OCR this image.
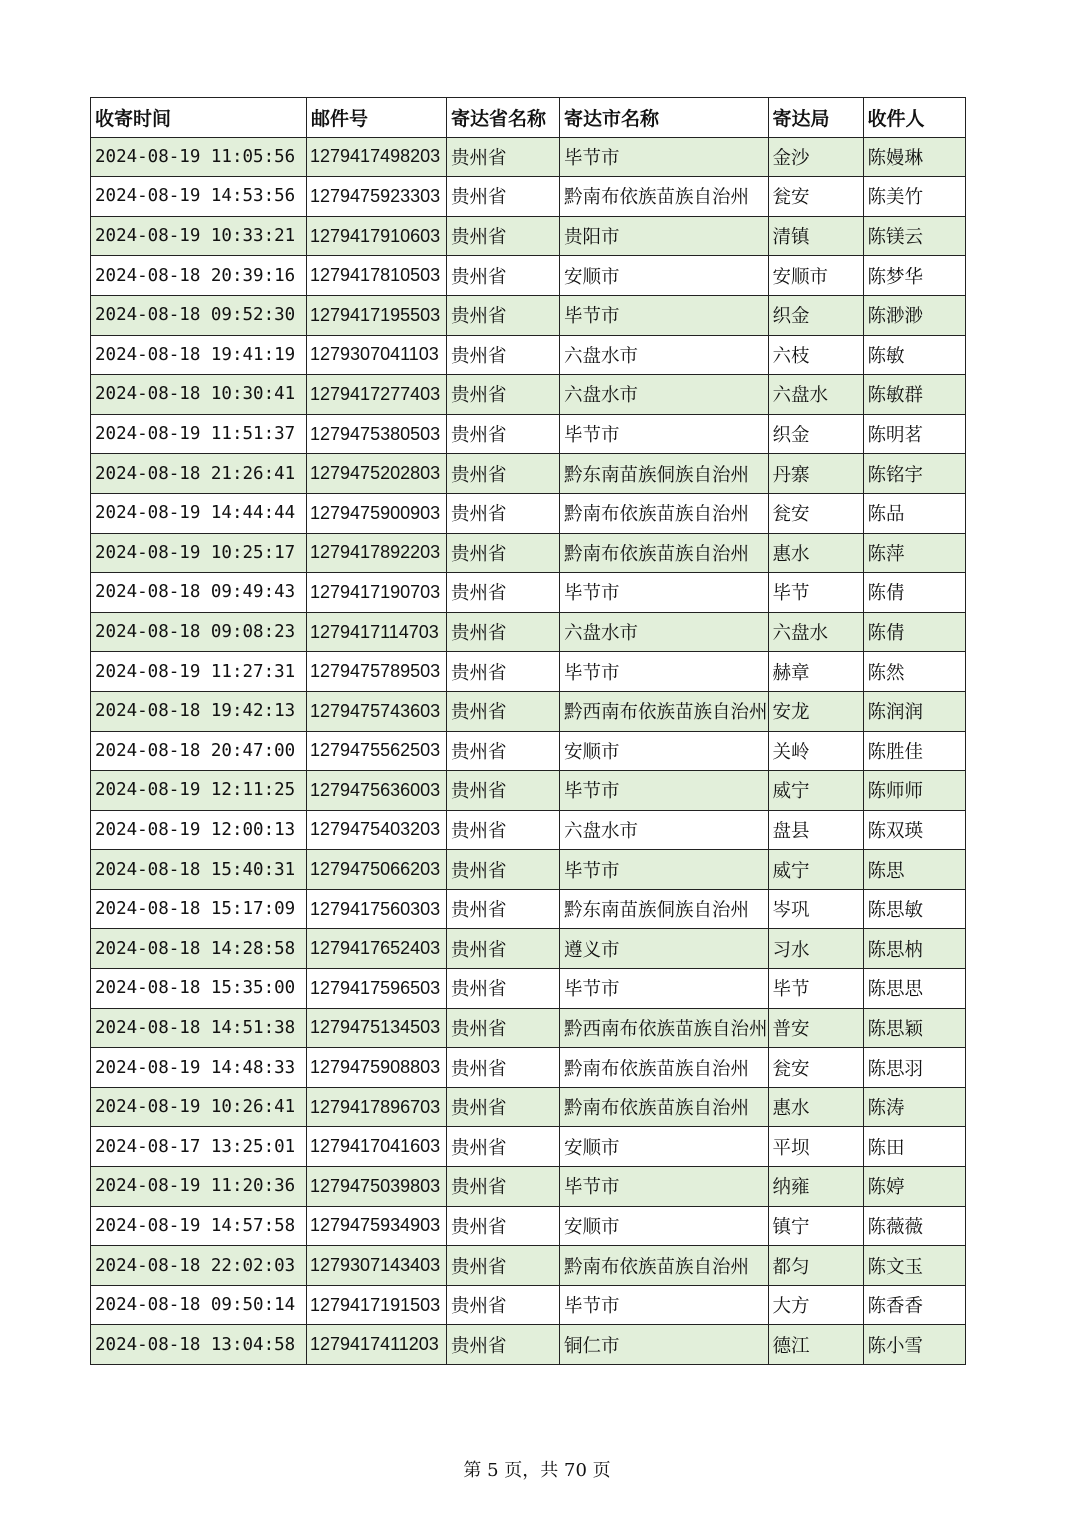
收寄时间	邮件号	寄达省名称	寄达市名称	寄达局	收件人
2024-08-19 11:05:56	1279417498203	贵州省	毕节市	金沙	陈嫚琳
2024-08-19 14:53:56	1279475923303	贵州省	黔南布依族苗族自治州	瓮安	陈美竹
2024-08-19 10:33:21	1279417910603	贵州省	贵阳市	清镇	陈镁云
2024-08-18 20:39:16	1279417810503	贵州省	安顺市	安顺市	陈梦华
2024-08-18 09:52:30	1279417195503	贵州省	毕节市	织金	陈渺渺
2024-08-18 19:41:19	1279307041103	贵州省	六盘水市	六枝	陈敏
2024-08-18 10:30:41	1279417277403	贵州省	六盘水市	六盘水	陈敏群
2024-08-19 11:51:37	1279475380503	贵州省	毕节市	织金	陈明茗
2024-08-18 21:26:41	1279475202803	贵州省	黔东南苗族侗族自治州	丹寨	陈铭宇
2024-08-19 14:44:44	1279475900903	贵州省	黔南布依族苗族自治州	瓮安	陈品
2024-08-19 10:25:17	1279417892203	贵州省	黔南布依族苗族自治州	惠水	陈萍
2024-08-18 09:49:43	1279417190703	贵州省	毕节市	毕节	陈倩
2024-08-18 09:08:23	1279417114703	贵州省	六盘水市	六盘水	陈倩
2024-08-19 11:27:31	1279475789503	贵州省	毕节市	赫章	陈然
2024-08-18 19:42:13	1279475743603	贵州省	黔西南布依族苗族自治州	安龙	陈润润
2024-08-18 20:47:00	1279475562503	贵州省	安顺市	关岭	陈胜佳
2024-08-19 12:11:25	1279475636003	贵州省	毕节市	威宁	陈师师
2024-08-19 12:00:13	1279475403203	贵州省	六盘水市	盘县	陈双瑛
2024-08-18 15:40:31	1279475066203	贵州省	毕节市	威宁	陈思
2024-08-18 15:17:09	1279417560303	贵州省	黔东南苗族侗族自治州	岑巩	陈思敏
2024-08-18 14:28:58	1279417652403	贵州省	遵义市	习水	陈思枘
2024-08-18 15:35:00	1279417596503	贵州省	毕节市	毕节	陈思思
2024-08-18 14:51:38	1279475134503	贵州省	黔西南布依族苗族自治州	普安	陈思颖
2024-08-19 14:48:33	1279475908803	贵州省	黔南布依族苗族自治州	瓮安	陈思羽
2024-08-19 10:26:41	1279417896703	贵州省	黔南布依族苗族自治州	惠水	陈涛
2024-08-17 13:25:01	1279417041603	贵州省	安顺市	平坝	陈田
2024-08-19 11:20:36	1279475039803	贵州省	毕节市	纳雍	陈婷
2024-08-19 14:57:58	1279475934903	贵州省	安顺市	镇宁	陈薇薇
2024-08-18 22:02:03	1279307143403	贵州省	黔南布依族苗族自治州	都匀	陈文玉
2024-08-18 09:50:14	1279417191503	贵州省	毕节市	大方	陈香香
2024-08-18 13:04:58	1279417411203	贵州省	铜仁市	德江	陈小雪
第 5 页，共 70 页
